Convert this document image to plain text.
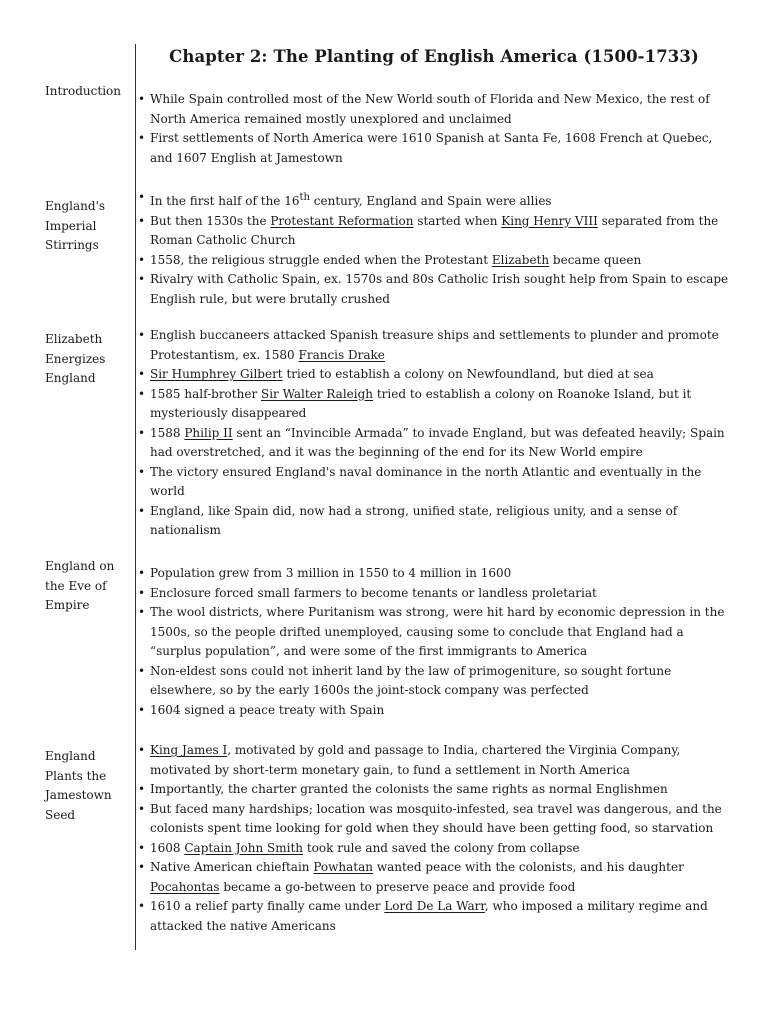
Chapter 2: The Planting of English America (1500-1733)
Introduction
• While Spain controlled most of the New World south of Florida and New Mexico, the rest of North America remained mostly unexplored and unclaimed
• First settlements of North America were 1610 Spanish at Santa Fe, 1608 French at Quebec, and 1607 English at Jamestown
England's
Imperial
Stirrings
• In the first half of the 16th century, England and Spain were allies
• But then 1530s the Protestant Reformation started when King Henry VIII separated from the Roman Catholic Church
• 1558, the religious struggle ended when the Protestant Elizabeth became queen
• Rivalry with Catholic Spain, ex. 1570s and 80s Catholic Irish sought help from Spain to escape English rule, but were brutally crushed
Elizabeth
Energizes
England
• English buccaneers attacked Spanish treasure ships and settlements to plunder and promote Protestantism, ex. 1580 Francis Drake
• Sir Humphrey Gilbert tried to establish a colony on Newfoundland, but died at sea
• 1585 half-brother Sir Walter Raleigh tried to establish a colony on Roanoke Island, but it mysteriously disappeared
• 1588 Philip II sent an “Invincible Armada” to invade England, but was defeated heavily; Spain had overstretched, and it was the beginning of the end for its New World empire
• The victory ensured England's naval dominance in the north Atlantic and eventually in the world
• England, like Spain did, now had a strong, unified state, religious unity, and a sense of nationalism
England on
the Eve of
Empire
• Population grew from 3 million in 1550 to 4 million in 1600
• Enclosure forced small farmers to become tenants or landless proletariat
• The wool districts, where Puritanism was strong, were hit hard by economic depression in the 1500s, so the people drifted unemployed, causing some to conclude that England had a “surplus population”, and were some of the first immigrants to America
• Non-eldest sons could not inherit land by the law of primogeniture, so sought fortune elsewhere, so by the early 1600s the joint-stock company was perfected
• 1604 signed a peace treaty with Spain
England
Plants the
Jamestown
Seed
• King James I, motivated by gold and passage to India, chartered the Virginia Company, motivated by short-term monetary gain, to fund a settlement in North America
• Importantly, the charter granted the colonists the same rights as normal Englishmen
• But faced many hardships; location was mosquito-infested, sea travel was dangerous, and the colonists spent time looking for gold when they should have been getting food, so starvation
• 1608 Captain John Smith took rule and saved the colony from collapse
• Native American chieftain Powhatan wanted peace with the colonists, and his daughter Pocahontas became a go-between to preserve peace and provide food
• 1610 a relief party finally came under Lord De La Warr, who imposed a military regime and attacked the native Americans
